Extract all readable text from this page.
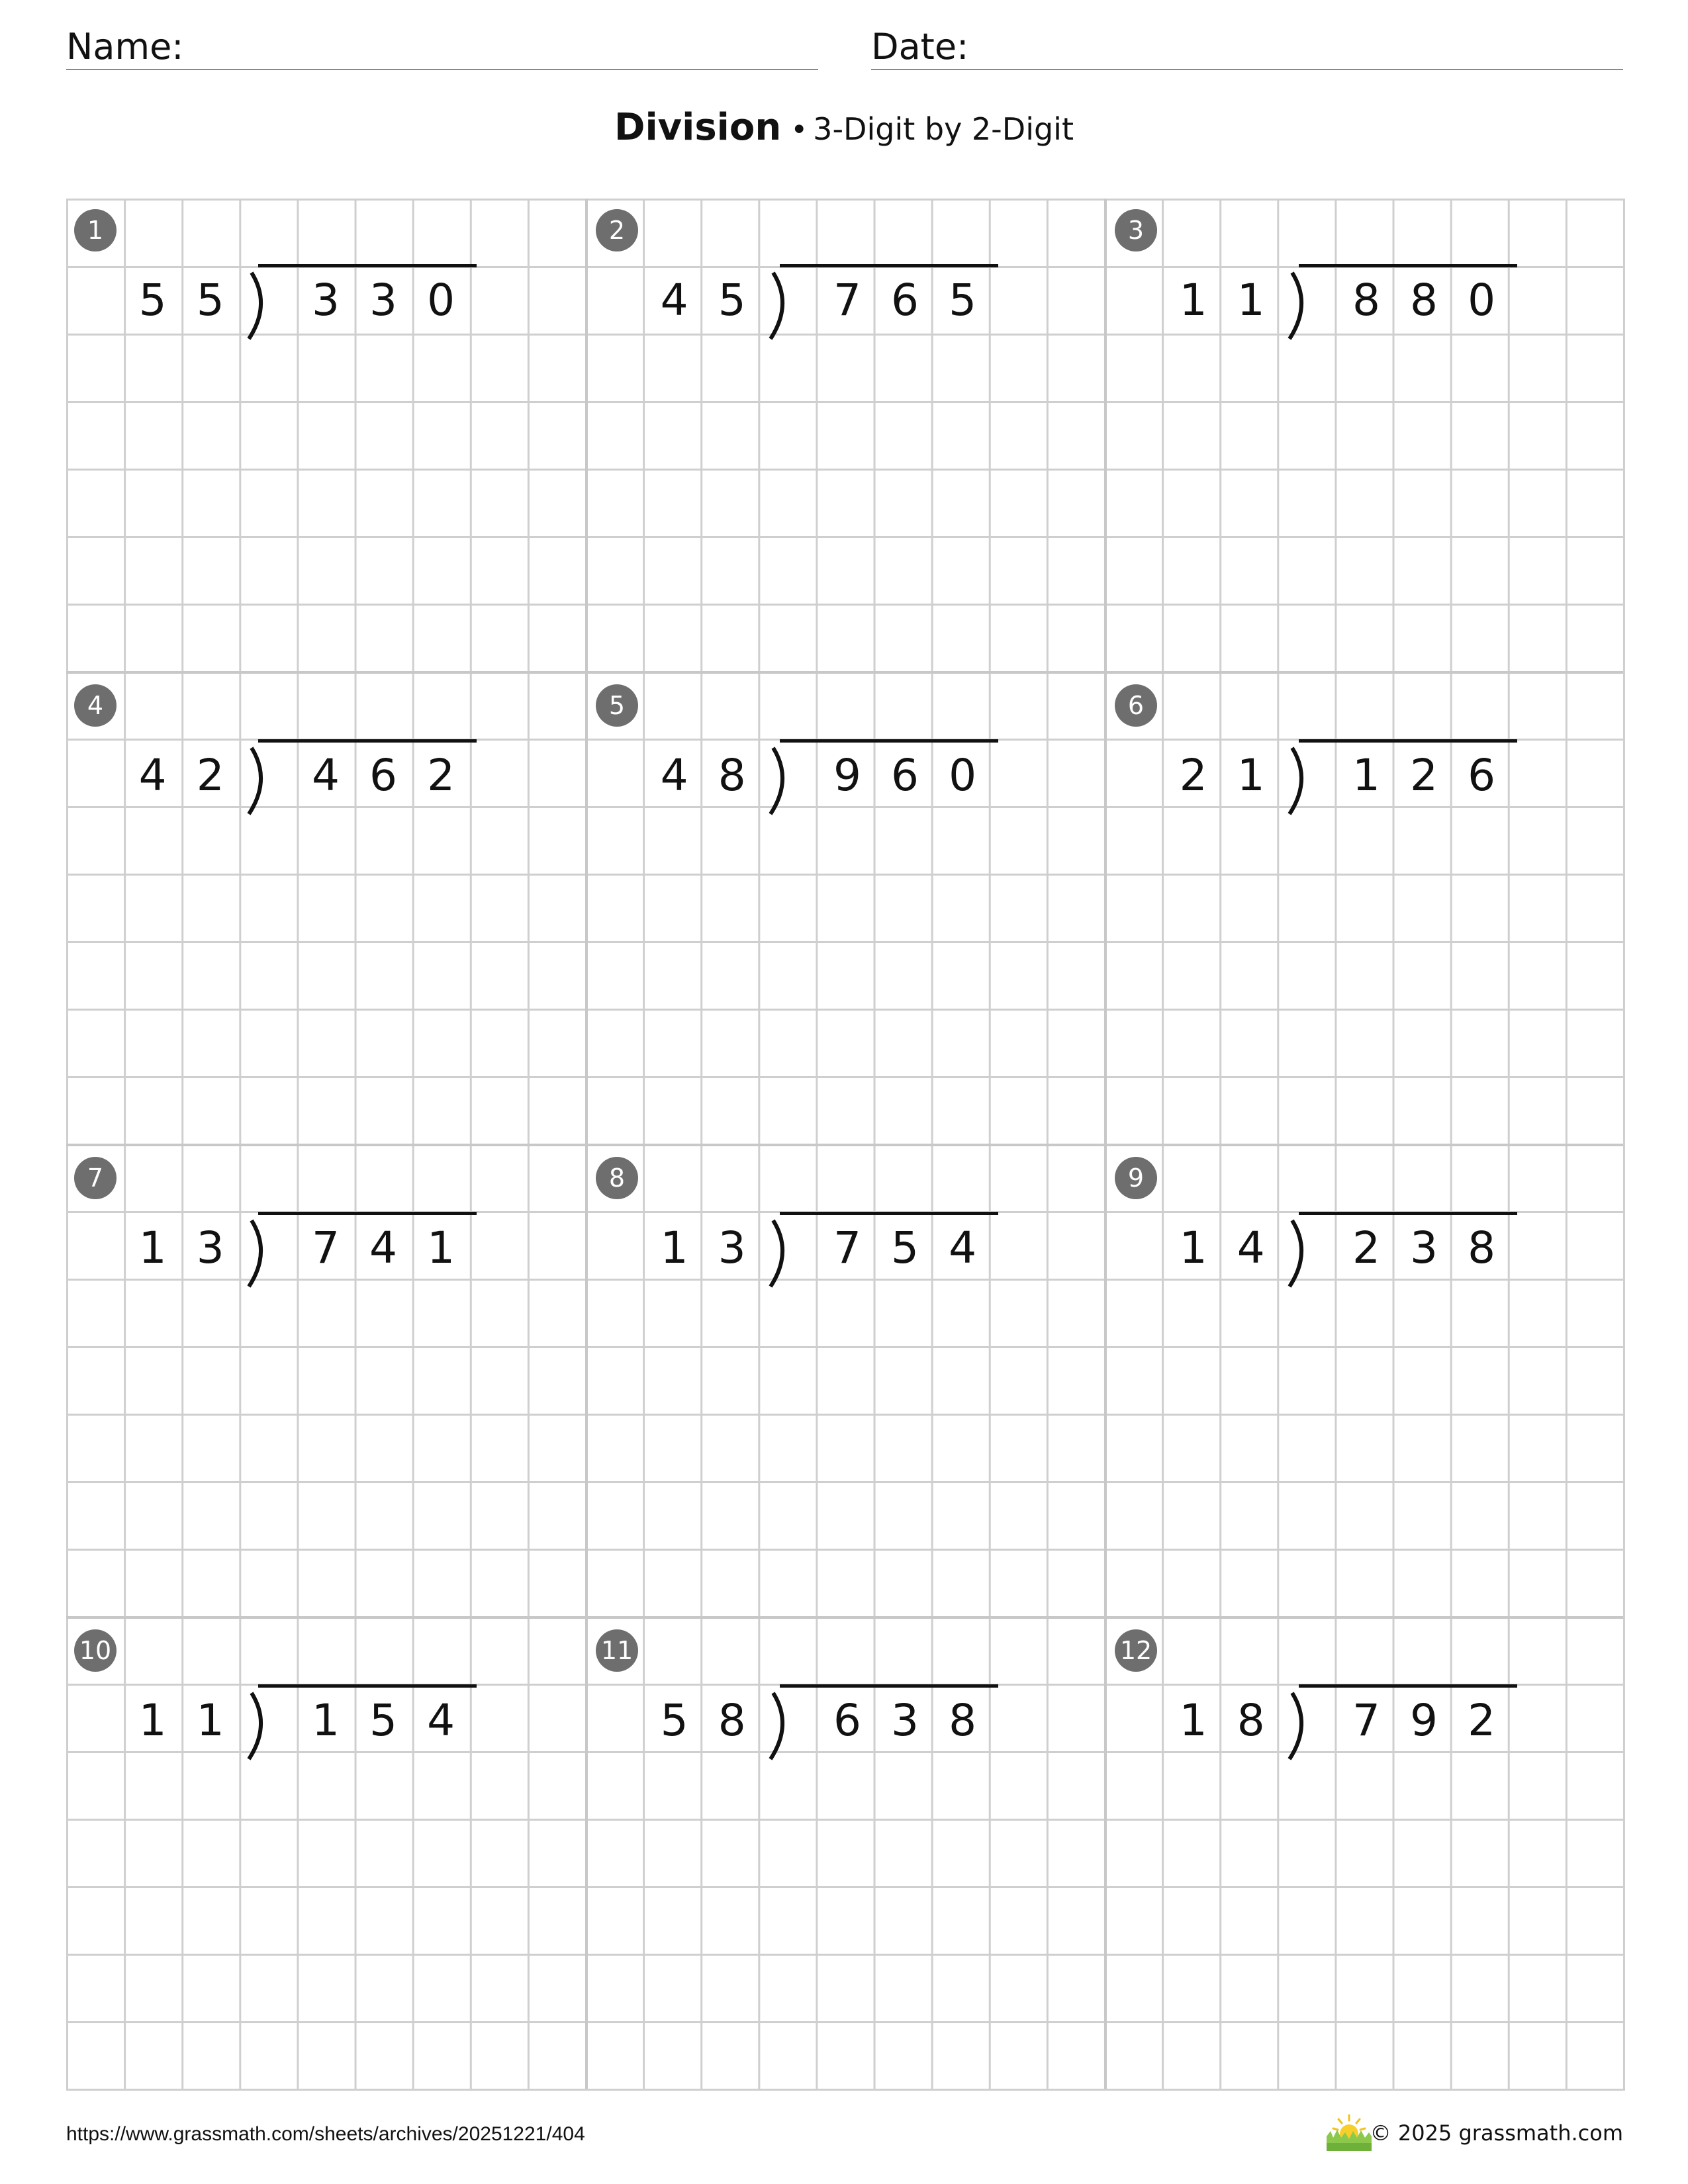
Name:	Date:
Division • 3-Digit by 2-Digit
1
5 5	3 3 0
2
4 5	7 6 5
3
1 1	8 8 0
4
4 2	4 6 2
5
4 8	9 6 0
6
2 1	1 2 6
7
1 3	7 4 1
8
1 3	7 5 4
9
1 4	2 3 8
10
1 1	1 5 4
11
5 8	6 3 8
12
1 8	7 9 2
https://www.grassmath.com/sheets/archives/20251221/404	© 2025 grassmath.com
